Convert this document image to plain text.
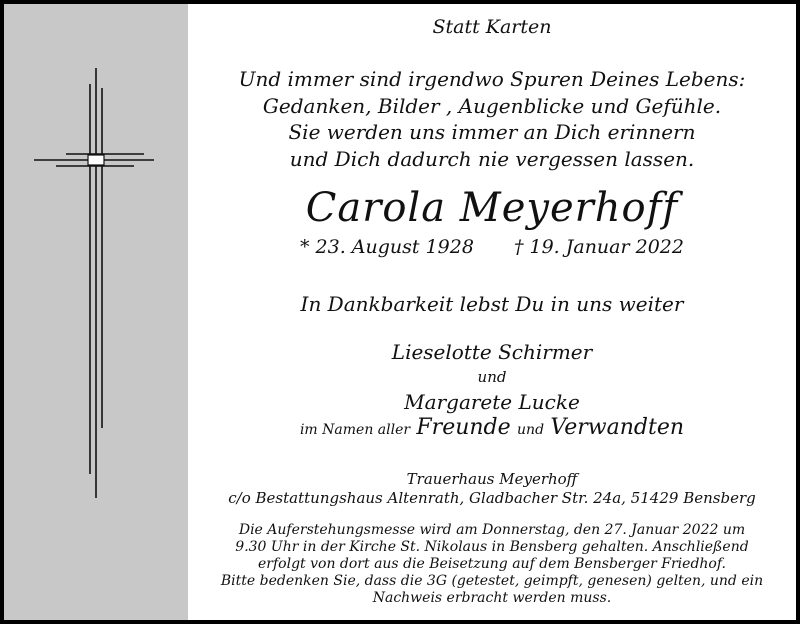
Statt Karten
Und immer sind irgendwo Spuren Deines Lebens:
Gedanken, Bilder , Augenblicke und Gefühle.
Sie werden uns immer an Dich erinnern
und Dich dadurch nie vergessen lassen.
Carola Meyerhoff
* 23. August 1928 † 19. Januar 2022
In Dankbarkeit lebst Du in uns weiter
Lieselotte Schirmer
und
Margarete Lucke
im Namen aller Freunde und Verwandten
Trauerhaus Meyerhoff
c/o Bestattungshaus Altenrath, Gladbacher Str. 24a, 51429 Bensberg
Die Auferstehungsmesse wird am Donnerstag, den 27. Januar 2022 um
9.30 Uhr in der Kirche St. Nikolaus in Bensberg gehalten. Anschließend
erfolgt von dort aus die Beisetzung auf dem Bensberger Friedhof.
Bitte bedenken Sie, dass die 3G (getestet, geimpft, genesen) gelten, und ein
Nachweis erbracht werden muss.
